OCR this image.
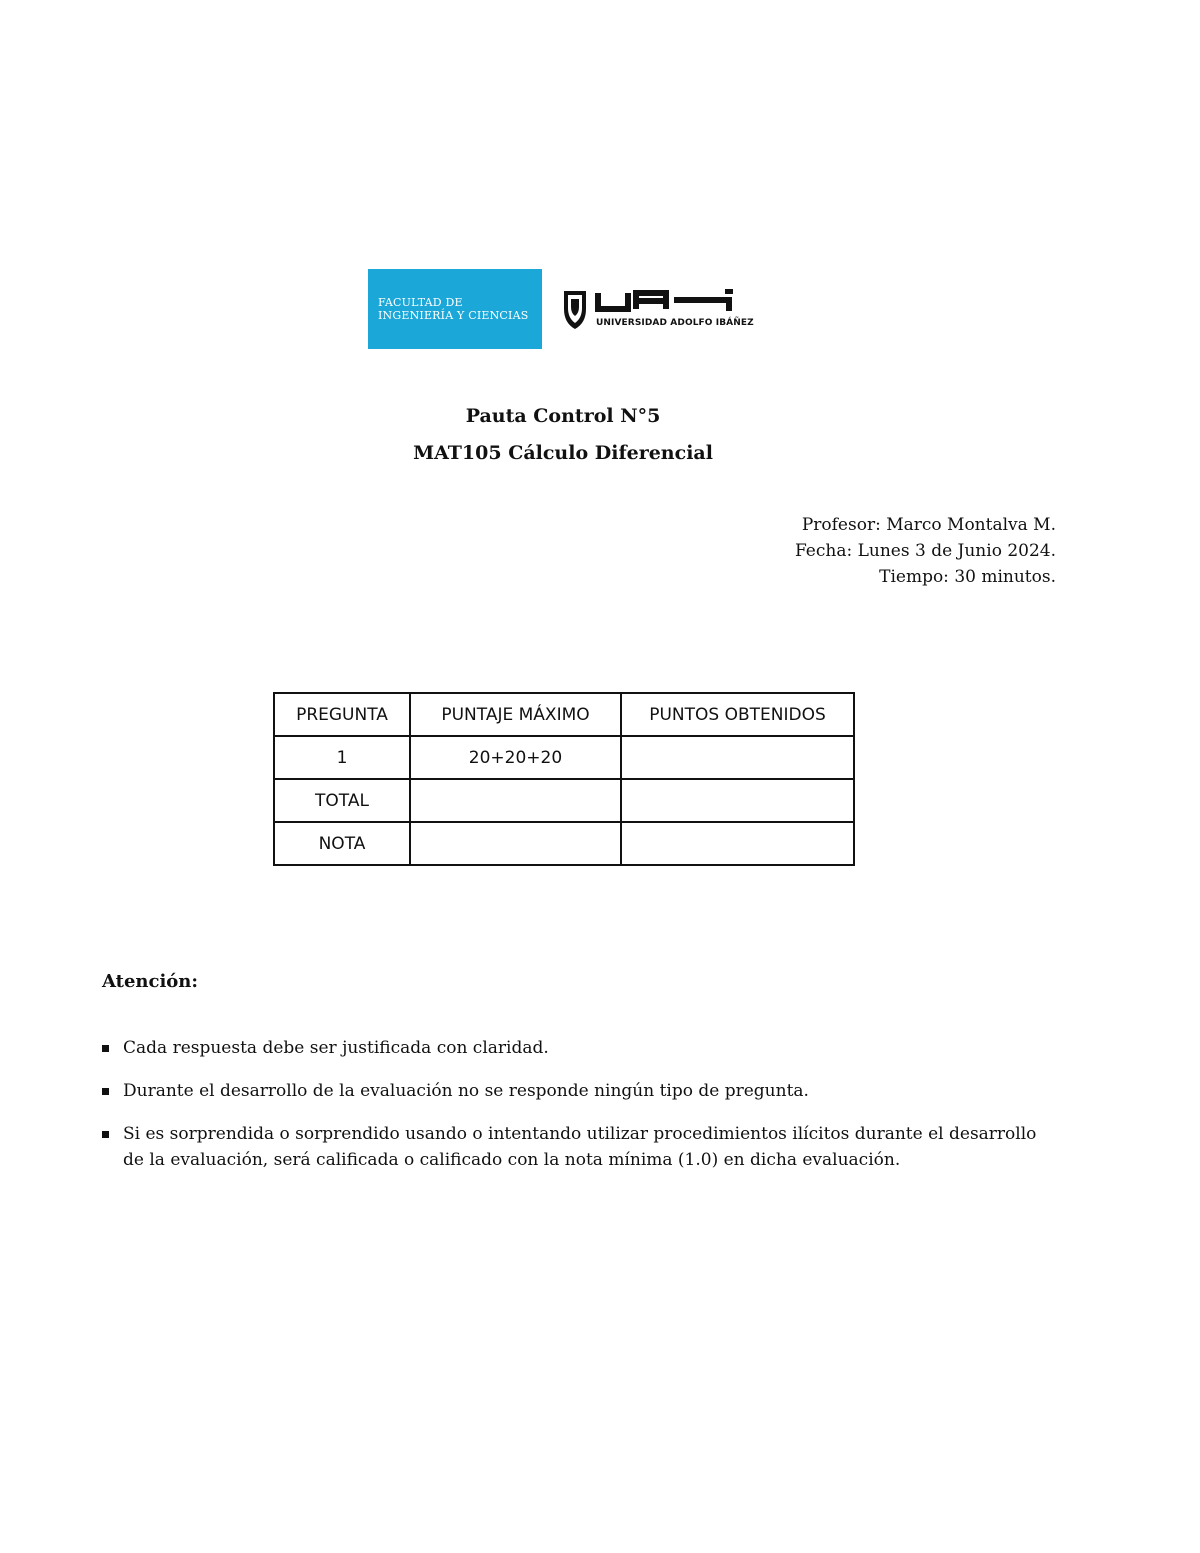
FACULTAD DE
INGENIERÍA Y CIENCIAS
UNIVERSIDAD ADOLFO IBÁÑEZ
Pauta Control N°5
MAT105 Cálculo Diferencial
Profesor: Marco Montalva M.
Fecha: Lunes 3 de Junio 2024.
Tiempo: 30 minutos.
PREGUNTA	PUNTAJE MÁXIMO	PUNTOS OBTENIDOS
1	20+20+20	
TOTAL		
NOTA		
Atención:
Cada respuesta debe ser justificada con claridad.
Durante el desarrollo de la evaluación no se responde ningún tipo de pregunta.
Si es sorprendida o sorprendido usando o intentando utilizar procedimientos ilícitos durante el desarrollo de la evaluación, será calificada o calificado con la nota mínima (1.0) en dicha evaluación.
